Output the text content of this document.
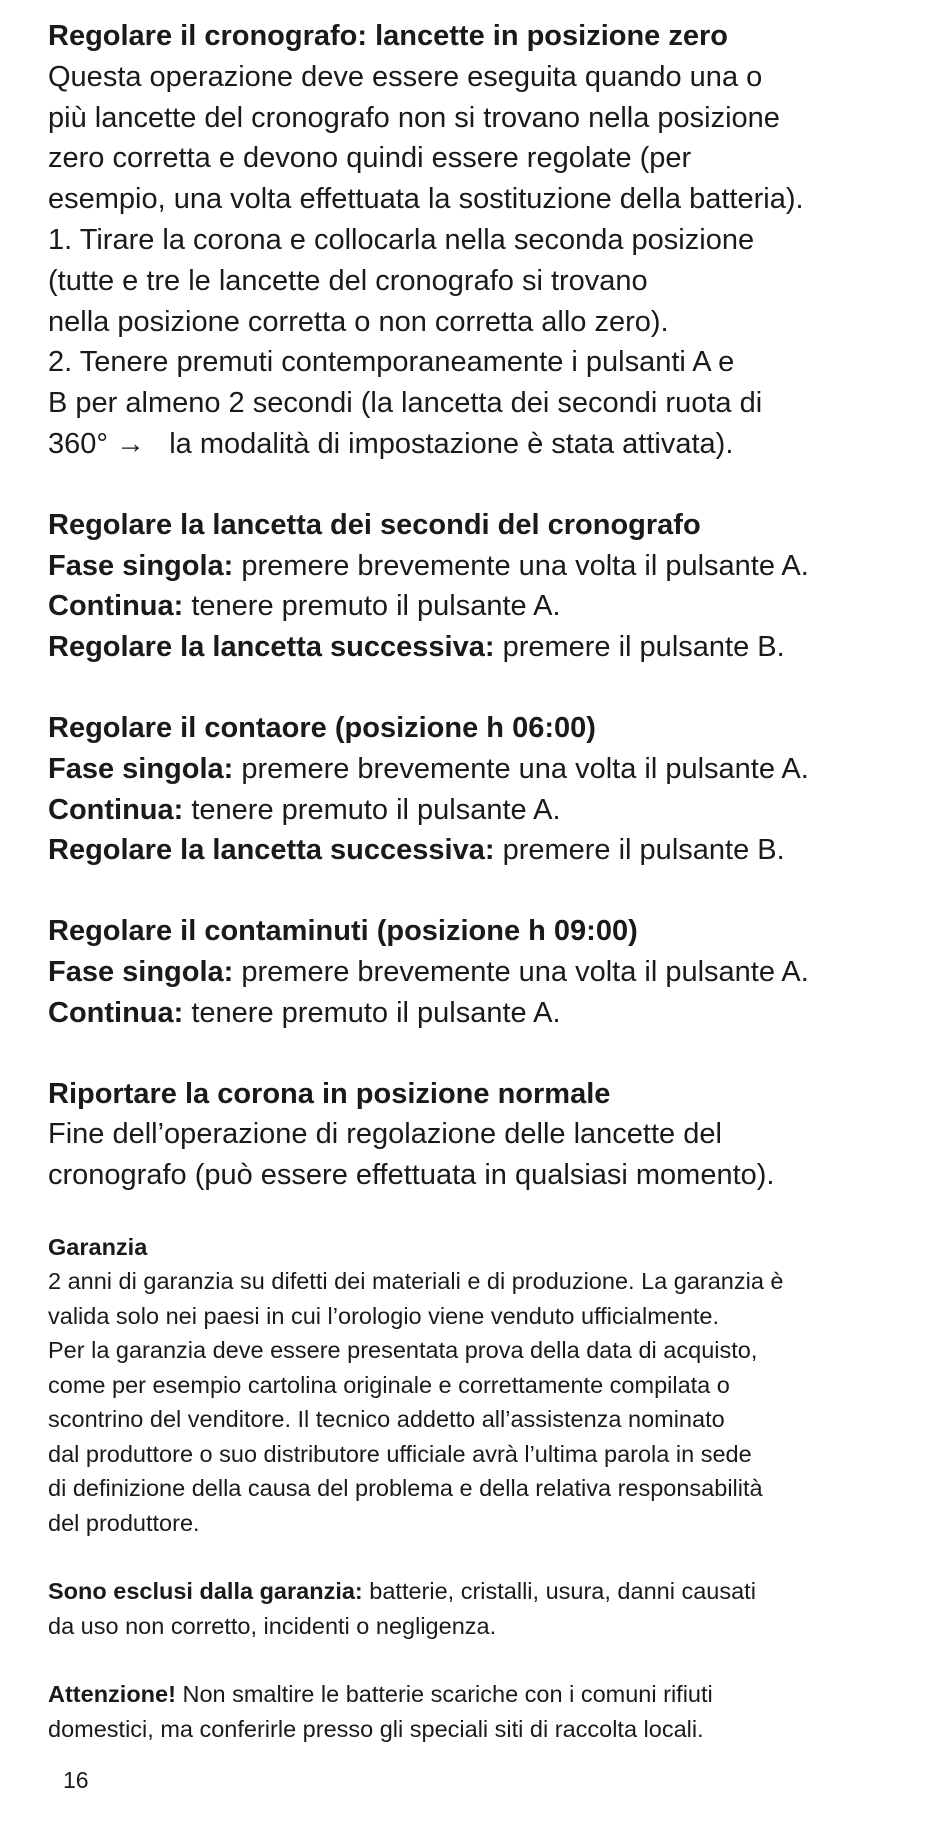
Regolare il cronografo: lancette in posizione zero

Questa operazione deve essere eseguita quando una o

più lancette del cronografo non si trovano nella posizione

zero corretta e devono quindi essere regolate (per

esempio, una volta effettuata la sostituzione della batteria).

1. Tirare la corona e collocarla nella seconda posizione

(tutte e tre le lancette del cronografo si trovano

nella posizione corretta o non corretta allo zero).

2. Tenere premuti contemporaneamente i pulsanti A e

B per almeno 2 secondi (la lancetta dei secondi ruota di

360° →   la modalità di impostazione è stata attivata).

Regolare la lancetta dei secondi del cronografo

Fase singola: premere brevemente una volta il pulsante A.

Continua: tenere premuto il pulsante A.

Regolare la lancetta successiva: premere il pulsante B.

Regolare il contaore (posizione h 06:00)

Fase singola: premere brevemente una volta il pulsante A.

Continua: tenere premuto il pulsante A.

Regolare la lancetta successiva: premere il pulsante B.

Regolare il contaminuti (posizione h 09:00)

Fase singola: premere brevemente una volta il pulsante A.

Continua: tenere premuto il pulsante A.

Riportare la corona in posizione normale

Fine dell’operazione di regolazione delle lancette del

cronografo (può essere effettuata in qualsiasi momento).

Garanzia

2 anni di garanzia su difetti dei materiali e di produzione. La garanzia è

valida solo nei paesi in cui l’orologio viene venduto ufficialmente.

Per la garanzia deve essere presentata prova della data di acquisto,

come per esempio cartolina originale e correttamente compilata o

scontrino del venditore. Il tecnico addetto all’assistenza nominato

dal produttore o suo distributore ufficiale avrà l’ultima parola in sede

di definizione della causa del problema e della relativa responsabilità

del produttore.

Sono esclusi dalla garanzia: batterie, cristalli, usura, danni causati

da uso non corretto, incidenti o negligenza.

Attenzione! Non smaltire le batterie scariche con i comuni rifiuti

domestici, ma conferirle presso gli speciali siti di raccolta locali.

16
